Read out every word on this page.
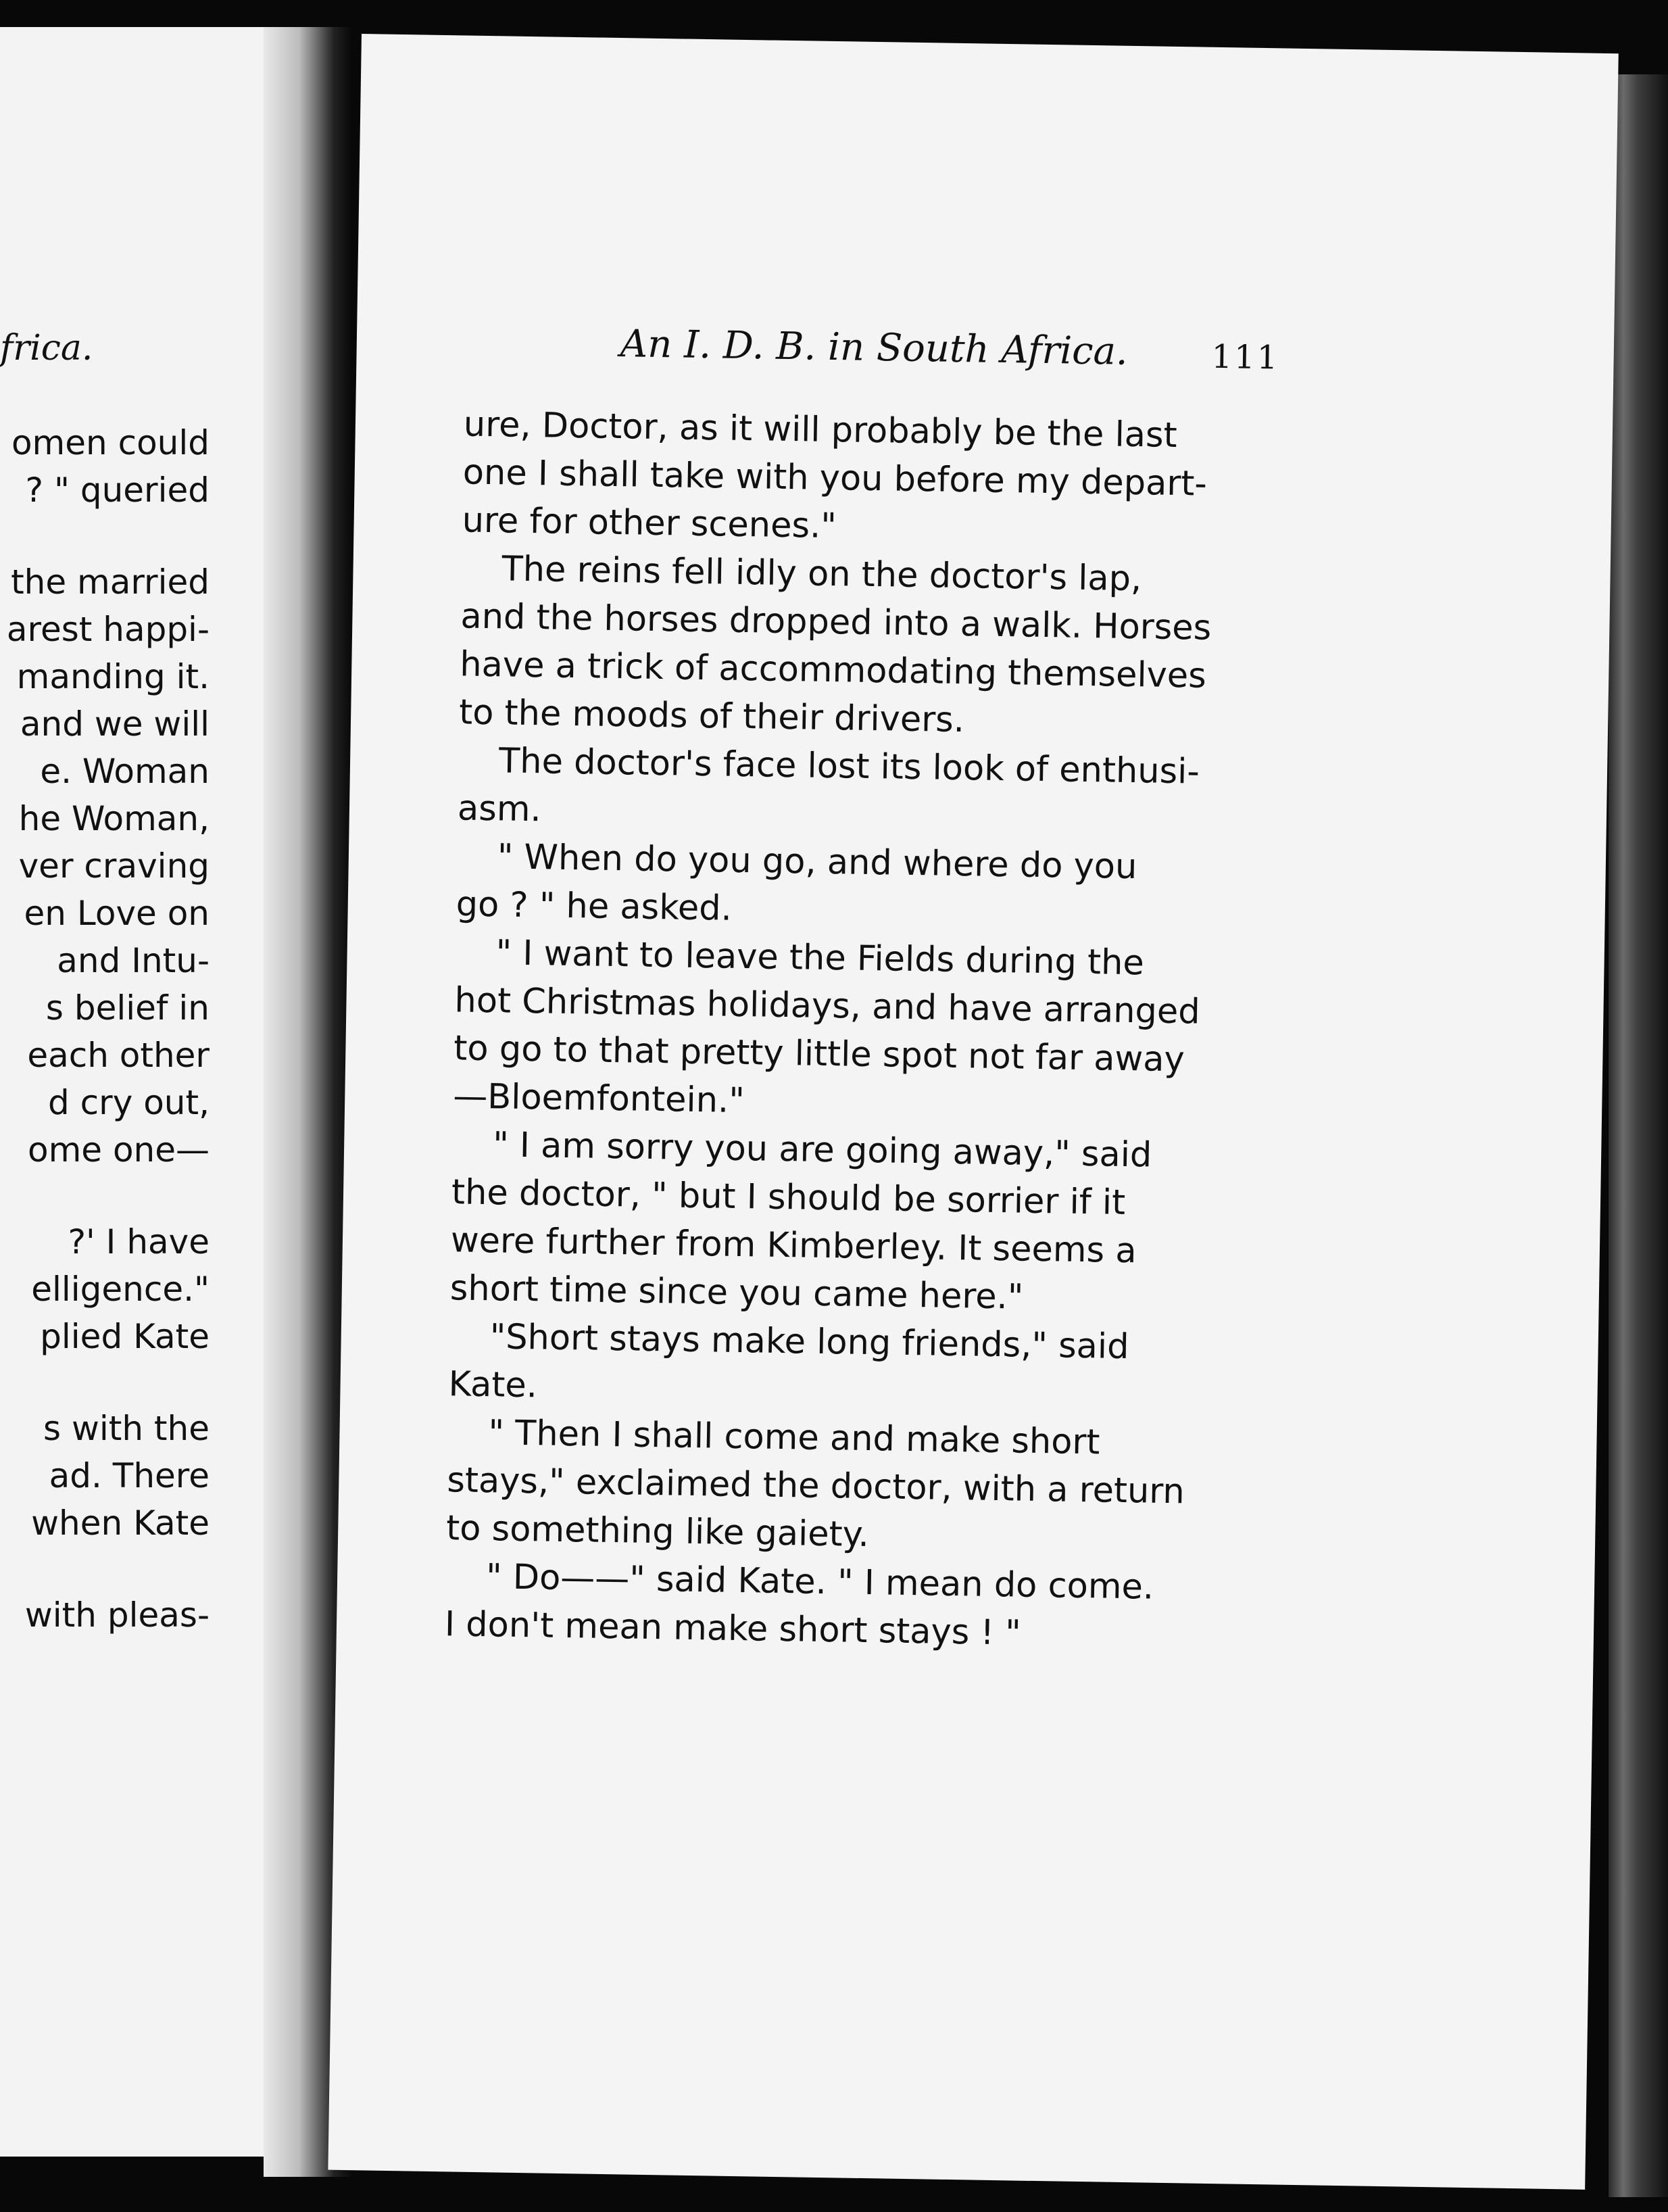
frica.
omen could
? " queried
the married
arest happi-
manding it.
and we will
e. Woman
he Woman,
ver craving
en Love on
and Intu-
s belief in
each other
d cry out,
ome one—
?' I have
elligence."
plied Kate
s with the
ad. There
when Kate
with pleas-
An I. D. B. in South Africa.	111
ure, Doctor, as it will probably be the last
one I shall take with you before my depart-
ure for other scenes."
The reins fell idly on the doctor's lap,
and the horses dropped into a walk. Horses
have a trick of accommodating themselves
to the moods of their drivers.
The doctor's face lost its look of enthusi-
asm.
" When do you go, and where do you
go ? " he asked.
" I want to leave the Fields during the
hot Christmas holidays, and have arranged
to go to that pretty little spot not far away
—Bloemfontein."
" I am sorry you are going away," said
the doctor, " but I should be sorrier if it
were further from Kimberley. It seems a
short time since you came here."
"Short stays make long friends," said
Kate.
" Then I shall come and make short
stays," exclaimed the doctor, with a return
to something like gaiety.
" Do——" said Kate. " I mean do come.
I don't mean make short stays ! "
